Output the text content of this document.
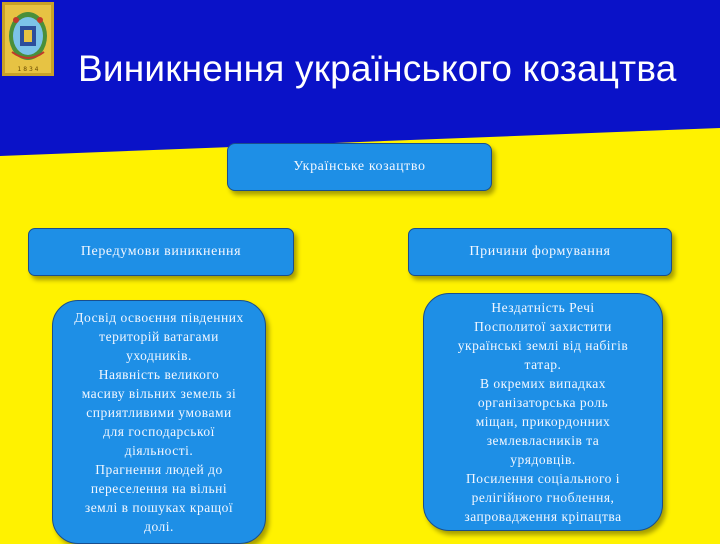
1 8 3 4 Виникнення українського козацтва
Українське козацтво
Передумови виникнення	Причини формування
Досвід освоєння південних
територій ватагами
уходників.
Наявність великого
масиву вільних земель зі
сприятливими умовами
для господарської
діяльності.
Прагнення людей до
переселення на вільні
землі в пошуках кращої
долі.
Нездатність Речі
Посполитої захистити
українські землі від набігів
татар.
В окремих випадках
організаторська роль
міщан, прикордонних
землевласників та
урядовців.
Посилення соціального і
релігійного гноблення,
запровадження кріпацтва
